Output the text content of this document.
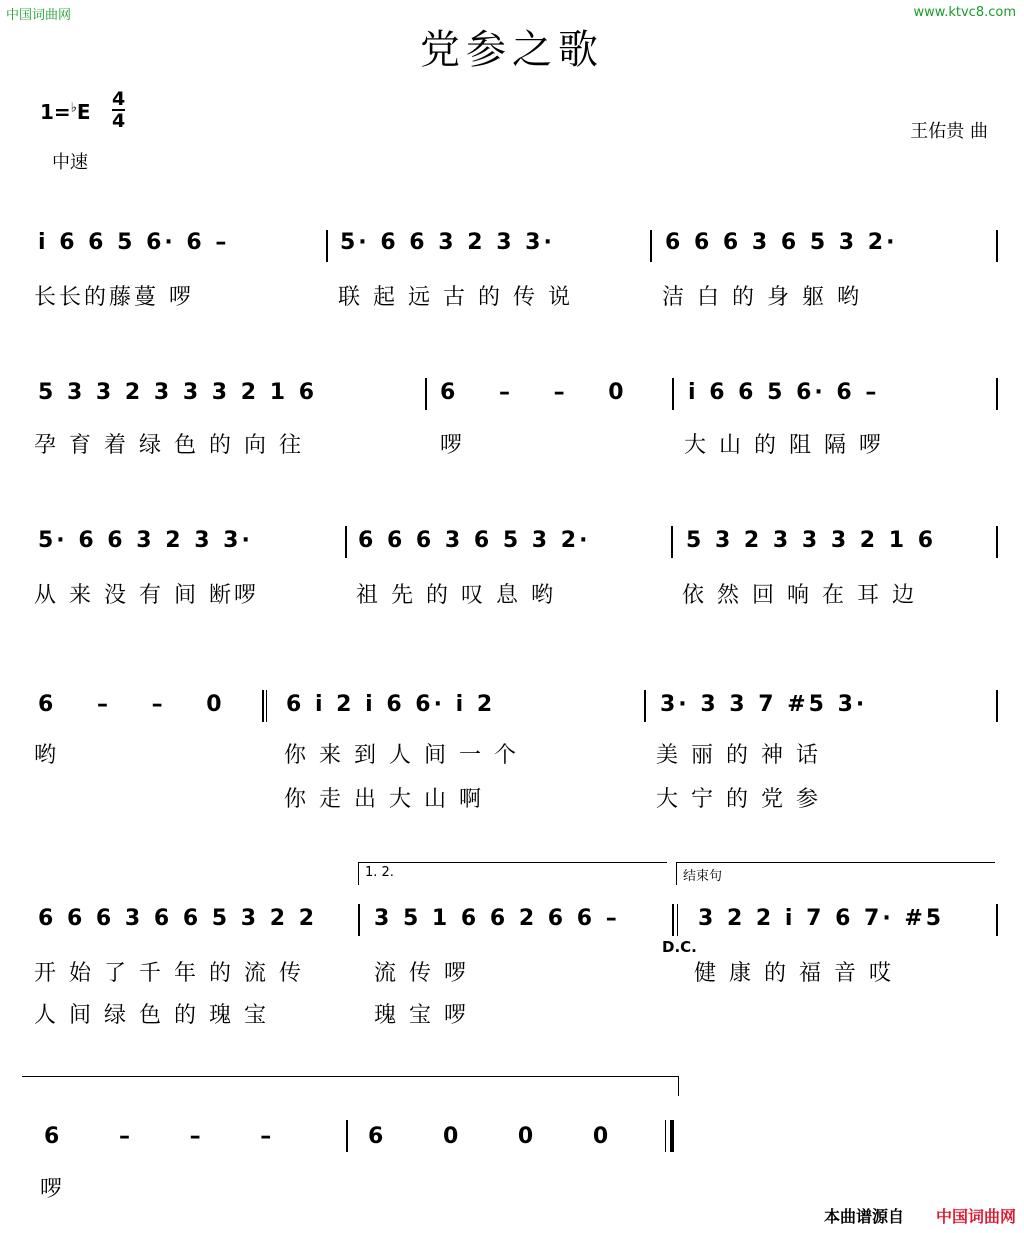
中国词曲网	www.ktvc8.com
党参之歌
1=♭E
4
4
中速
王佑贵 曲
i 6 6 5 6· 6 –	5· 6 6 3 2 3 3·	6 6 6 3 6 5 3 2·
长长的藤蔓 啰	联 起 远 古 的 传 说	洁 白 的 身 躯 哟
5 3 3 2 3 3 3 2 1 6	6 – – 0 i 6 6 5 6· 6 –
孕 育 着 绿 色 的 向 往	啰	大 山 的 阻 隔 啰
5· 6 6 3 2 3 3·	6 6 6 3 6 5 3 2·	5 3 2 3 3 3 2 1 6
从 来 没 有 间 断啰	祖 先 的 叹 息 哟	依 然 回 响 在 耳 边
6 – – 0 6 i 2 i 6 6· i 2	3· 3 3 7 #5 3·
哟	你 来 到 人 间 一 个	美 丽 的 神 话
你 走 出 大 山 啊	大 宁 的 党 参
1. 2.	结束句
6 6 6 3 6 6 5 3 2 2	3 5 1 6 6 2 6 6 –
D.C.
3 2 2 i 7 6 7· #5
开 始 了 千 年 的 流 传	流 传 啰	健 康 的 福 音 哎
人 间 绿 色 的 瑰 宝	瑰 宝 啰
6 – – –	6 0 0 0
啰
本曲谱源自 中国词曲网
